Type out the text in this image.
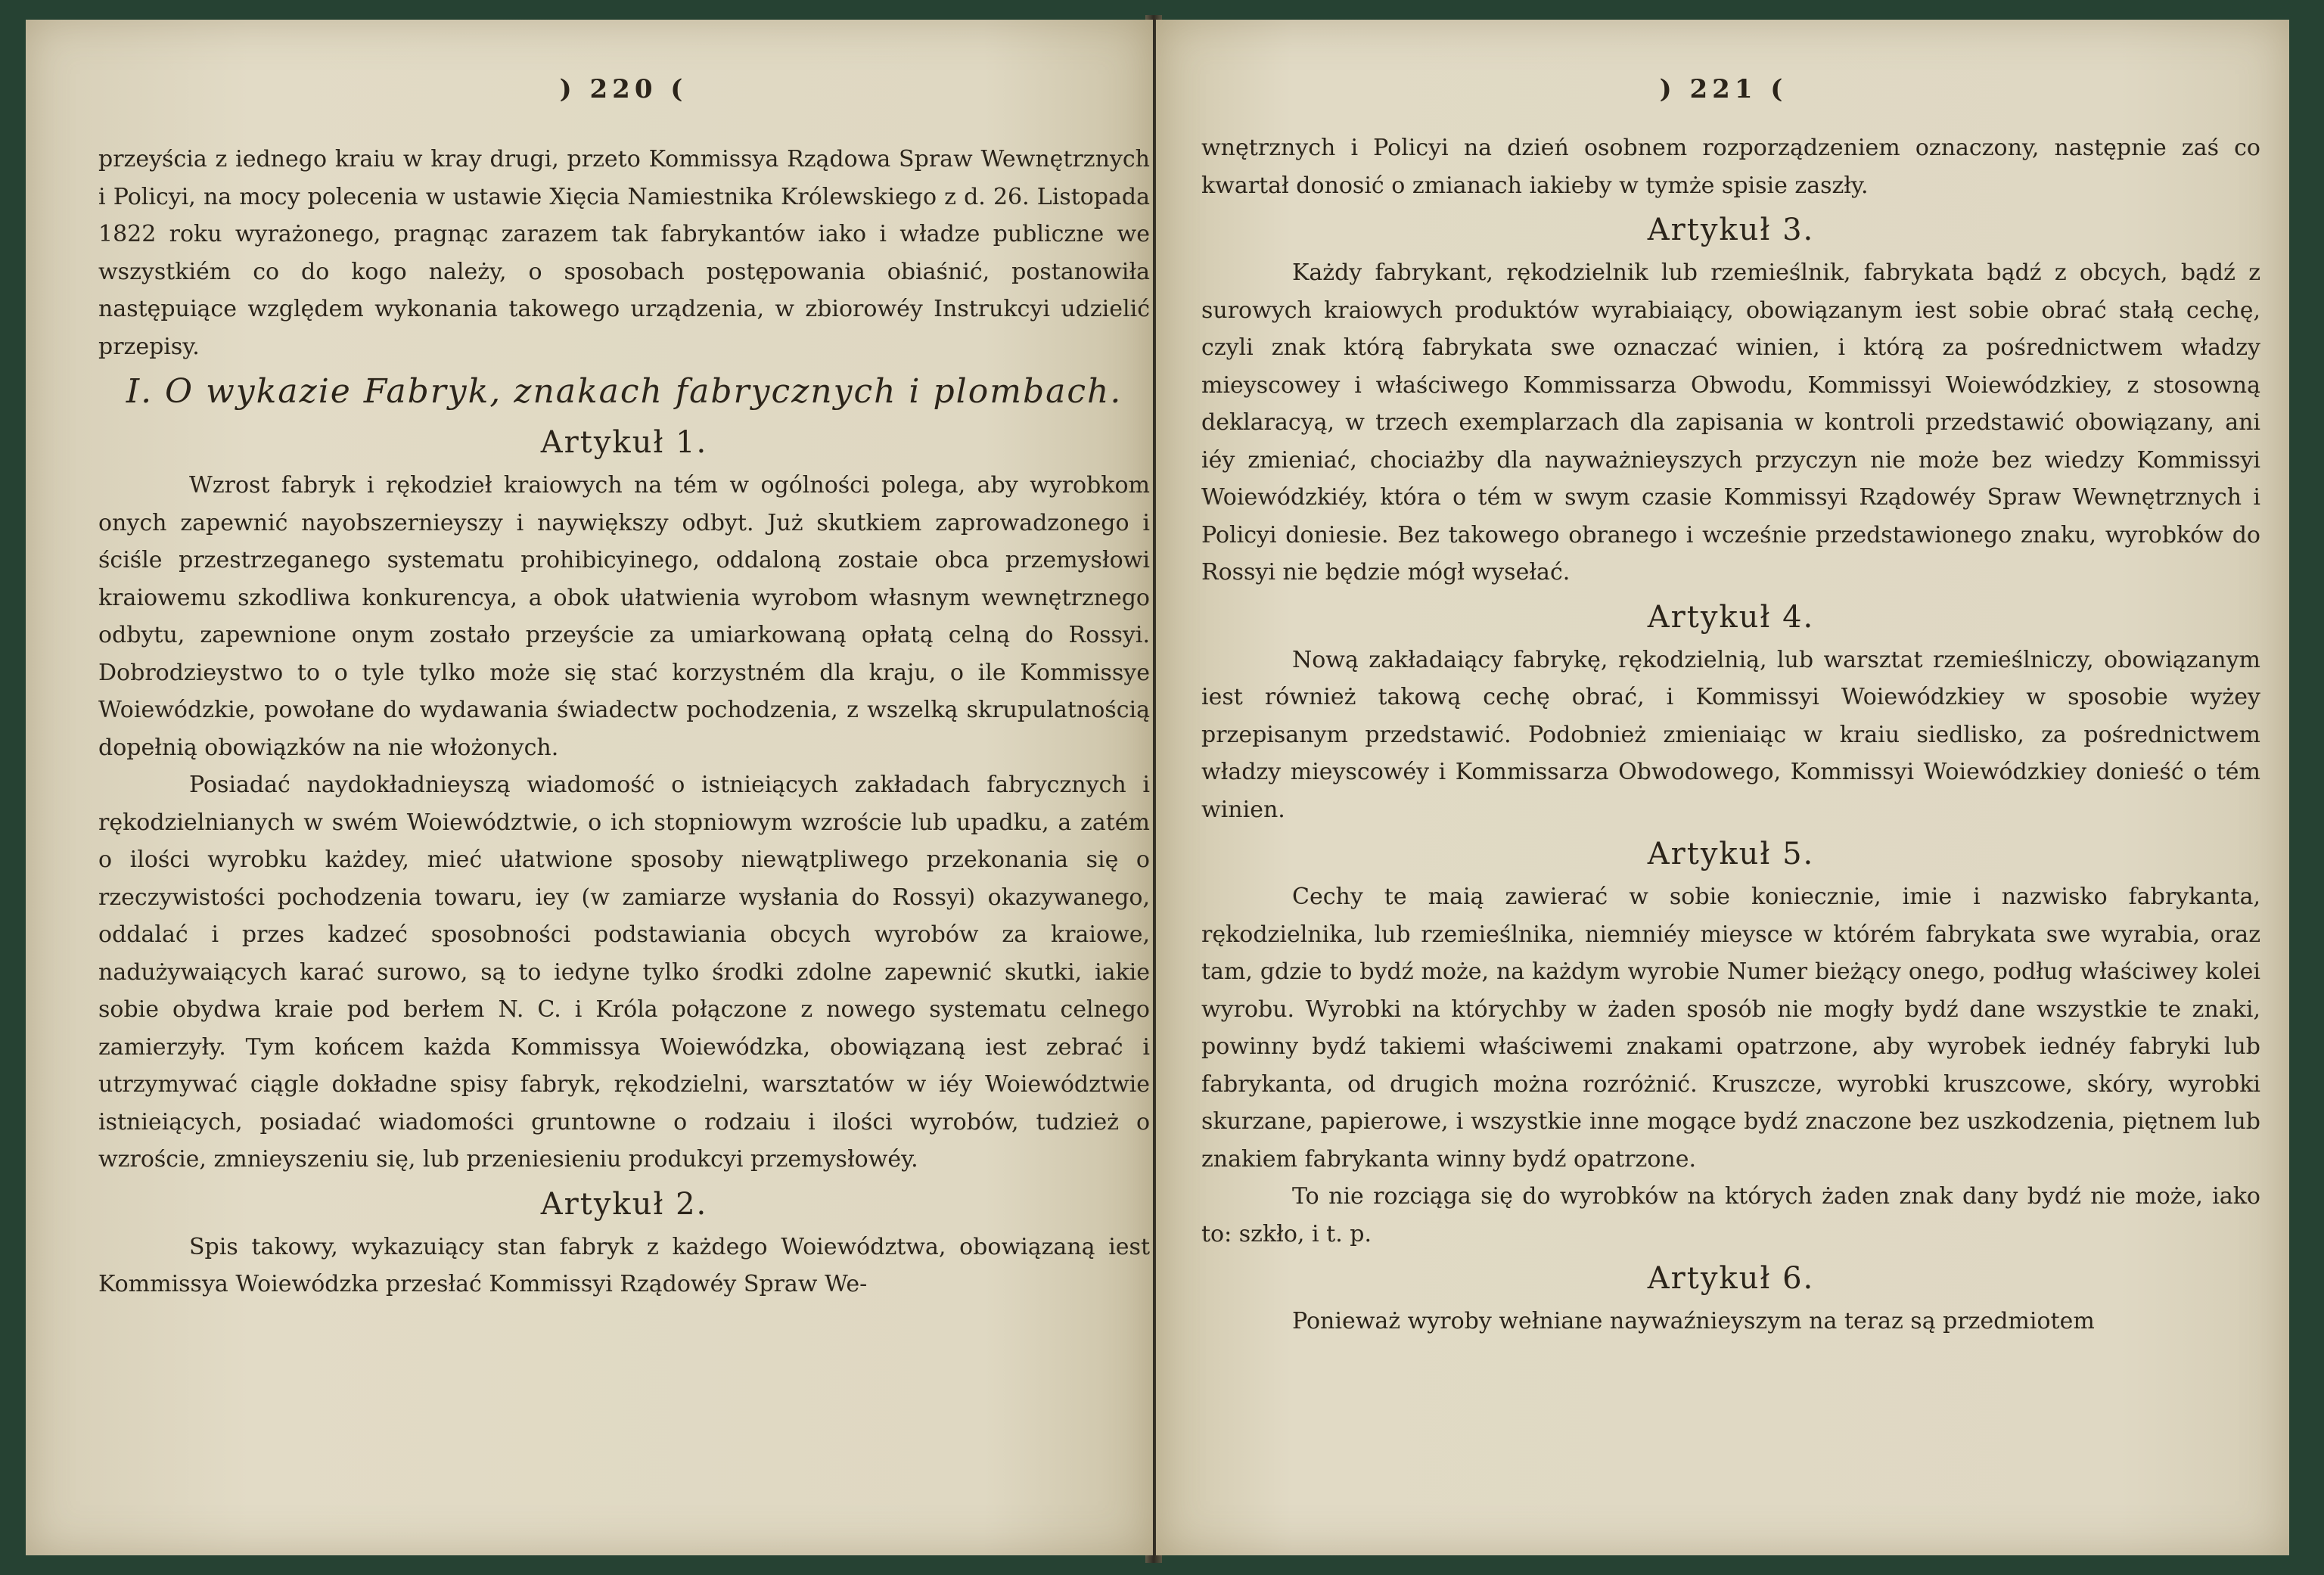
) 220 (

przeyścia z iednego kraiu w kray drugi, przeto Kommissya Rządowa Spraw Wewnętrznych i Policyi, na mocy polecenia w ustawie Xięcia Namiestnika Królewskiego z d. 26. Listopada 1822 roku wyrażonego, pragnąc zarazem tak fabrykantów iako i władze publiczne we wszystkiém co do kogo należy, o sposobach postępowania obiaśnić, postanowiła następuiące względem wykonania takowego urządzenia, w zbiorowéy Instrukcyi udzielić przepisy.

I. O wykazie Fabryk, znakach fabrycznych i plombach.
Artykuł 1.

Wzrost fabryk i rękodzieł kraiowych na tém w ogólności polega, aby wyrobkom onych zapewnić nayobszernieyszy i naywiększy odbyt. Już skutkiem zaprowadzonego i ściśle przestrzeganego systematu prohibicyinego, oddaloną zostaie obca przemysłowi kraiowemu szkodliwa konkurencya, a obok ułatwienia wyrobom własnym wewnętrznego odbytu, zapewnione onym zostało przeyście za umiarkowaną opłatą celną do Rossyi. Dobrodzieystwo to o tyle tylko może się stać korzystném dla kraju, o ile Kommissye Woiewódzkie, powołane do wydawania świadectw pochodzenia, z wszelką skrupulatnością dopełnią obowiązków na nie włożonych.

Posiadać naydokładnieyszą wiadomość o istnieiących zakładach fabrycznych i rękodzielnianych w swém Woiewództwie, o ich stopniowym wzroście lub upadku, a zatém o ilości wyrobku każdey, mieć ułatwione sposoby niewątpliwego przekonania się o rzeczywistości pochodzenia towaru, iey (w zamiarze wysłania do Rossyi) okazywanego, oddalać i przes kadzeć sposobności podstawiania obcych wyrobów za kraiowe, nadużywaiących karać surowo, są to iedyne tylko środki zdolne zapewnić skutki, iakie sobie obydwa kraie pod berłem N. C. i Króla połączone z nowego systematu celnego zamierzyły. Tym końcem każda Kommissya Woiewódzka, obowiązaną iest zebrać i utrzymywać ciągle dokładne spisy fabryk, rękodzielni, warsztatów w iéy Woiewództwie istnieiących, posiadać wiadomości gruntowne o rodzaiu i ilości wyrobów, tudzież o wzroście, zmnieyszeniu się, lub przeniesieniu produkcyi przemysłowéy.

Artykuł 2.

Spis takowy, wykazuiący stan fabryk z każdego Woiewództwa, obowiązaną iest Kommissya Woiewódzka przesłać Kommissyi Rządowéy Spraw We-

) 221 (

wnętrznych i Policyi na dzień osobnem rozporządzeniem oznaczony, następnie zaś co kwartał donosić o zmianach iakieby w tymże spisie zaszły.

Artykuł 3.

Każdy fabrykant, rękodzielnik lub rzemieślnik, fabrykata bądź z obcych, bądź z surowych kraiowych produktów wyrabiaiący, obowiązanym iest sobie obrać stałą cechę, czyli znak którą fabrykata swe oznaczać winien, i którą za pośrednictwem władzy mieyscowey i właściwego Kommissarza Obwodu, Kommissyi Woiewódzkiey, z stosowną deklaracyą, w trzech exemplarzach dla zapisania w kontroli przedstawić obowiązany, ani iéy zmieniać, chociażby dla nayważnieyszych przyczyn nie może bez wiedzy Kommissyi Woiewódzkiéy, która o tém w swym czasie Kommissyi Rządowéy Spraw Wewnętrznych i Policyi doniesie. Bez takowego obranego i wcześnie przedstawionego znaku, wyrobków do Rossyi nie będzie mógł wysełać.

Artykuł 4.

Nową zakładaiący fabrykę, rękodzielnią, lub warsztat rzemieślniczy, obowiązanym iest również takową cechę obrać, i Kommissyi Woiewódzkiey w sposobie wyżey przepisanym przedstawić. Podobnież zmieniaiąc w kraiu siedlisko, za pośrednictwem władzy mieyscowéy i Kommissarza Obwodowego, Kommissyi Woiewódzkiey donieść o tém winien.

Artykuł 5.

Cechy te maią zawierać w sobie koniecznie, imie i nazwisko fabrykanta, rękodzielnika, lub rzemieślnika, niemniéy mieysce w którém fabrykata swe wyrabia, oraz tam, gdzie to bydź może, na każdym wyrobie Numer bieżący onego, podług właściwey kolei wyrobu. Wyrobki na którychby w żaden sposób nie mogły bydź dane wszystkie te znaki, powinny bydź takiemi właściwemi znakami opatrzone, aby wyrobek iednéy fabryki lub fabrykanta, od drugich można rozróżnić. Kruszcze, wyrobki kruszcowe, skóry, wyrobki skurzane, papierowe, i wszystkie inne mogące bydź znaczone bez uszkodzenia, piętnem lub znakiem fabrykanta winny bydź opatrzone.

To nie rozciąga się do wyrobków na których żaden znak dany bydź nie może, iako to: szkło, i t. p.

Artykuł 6.

Ponieważ wyroby wełniane naywaźnieyszym na teraz są przedmiotem
